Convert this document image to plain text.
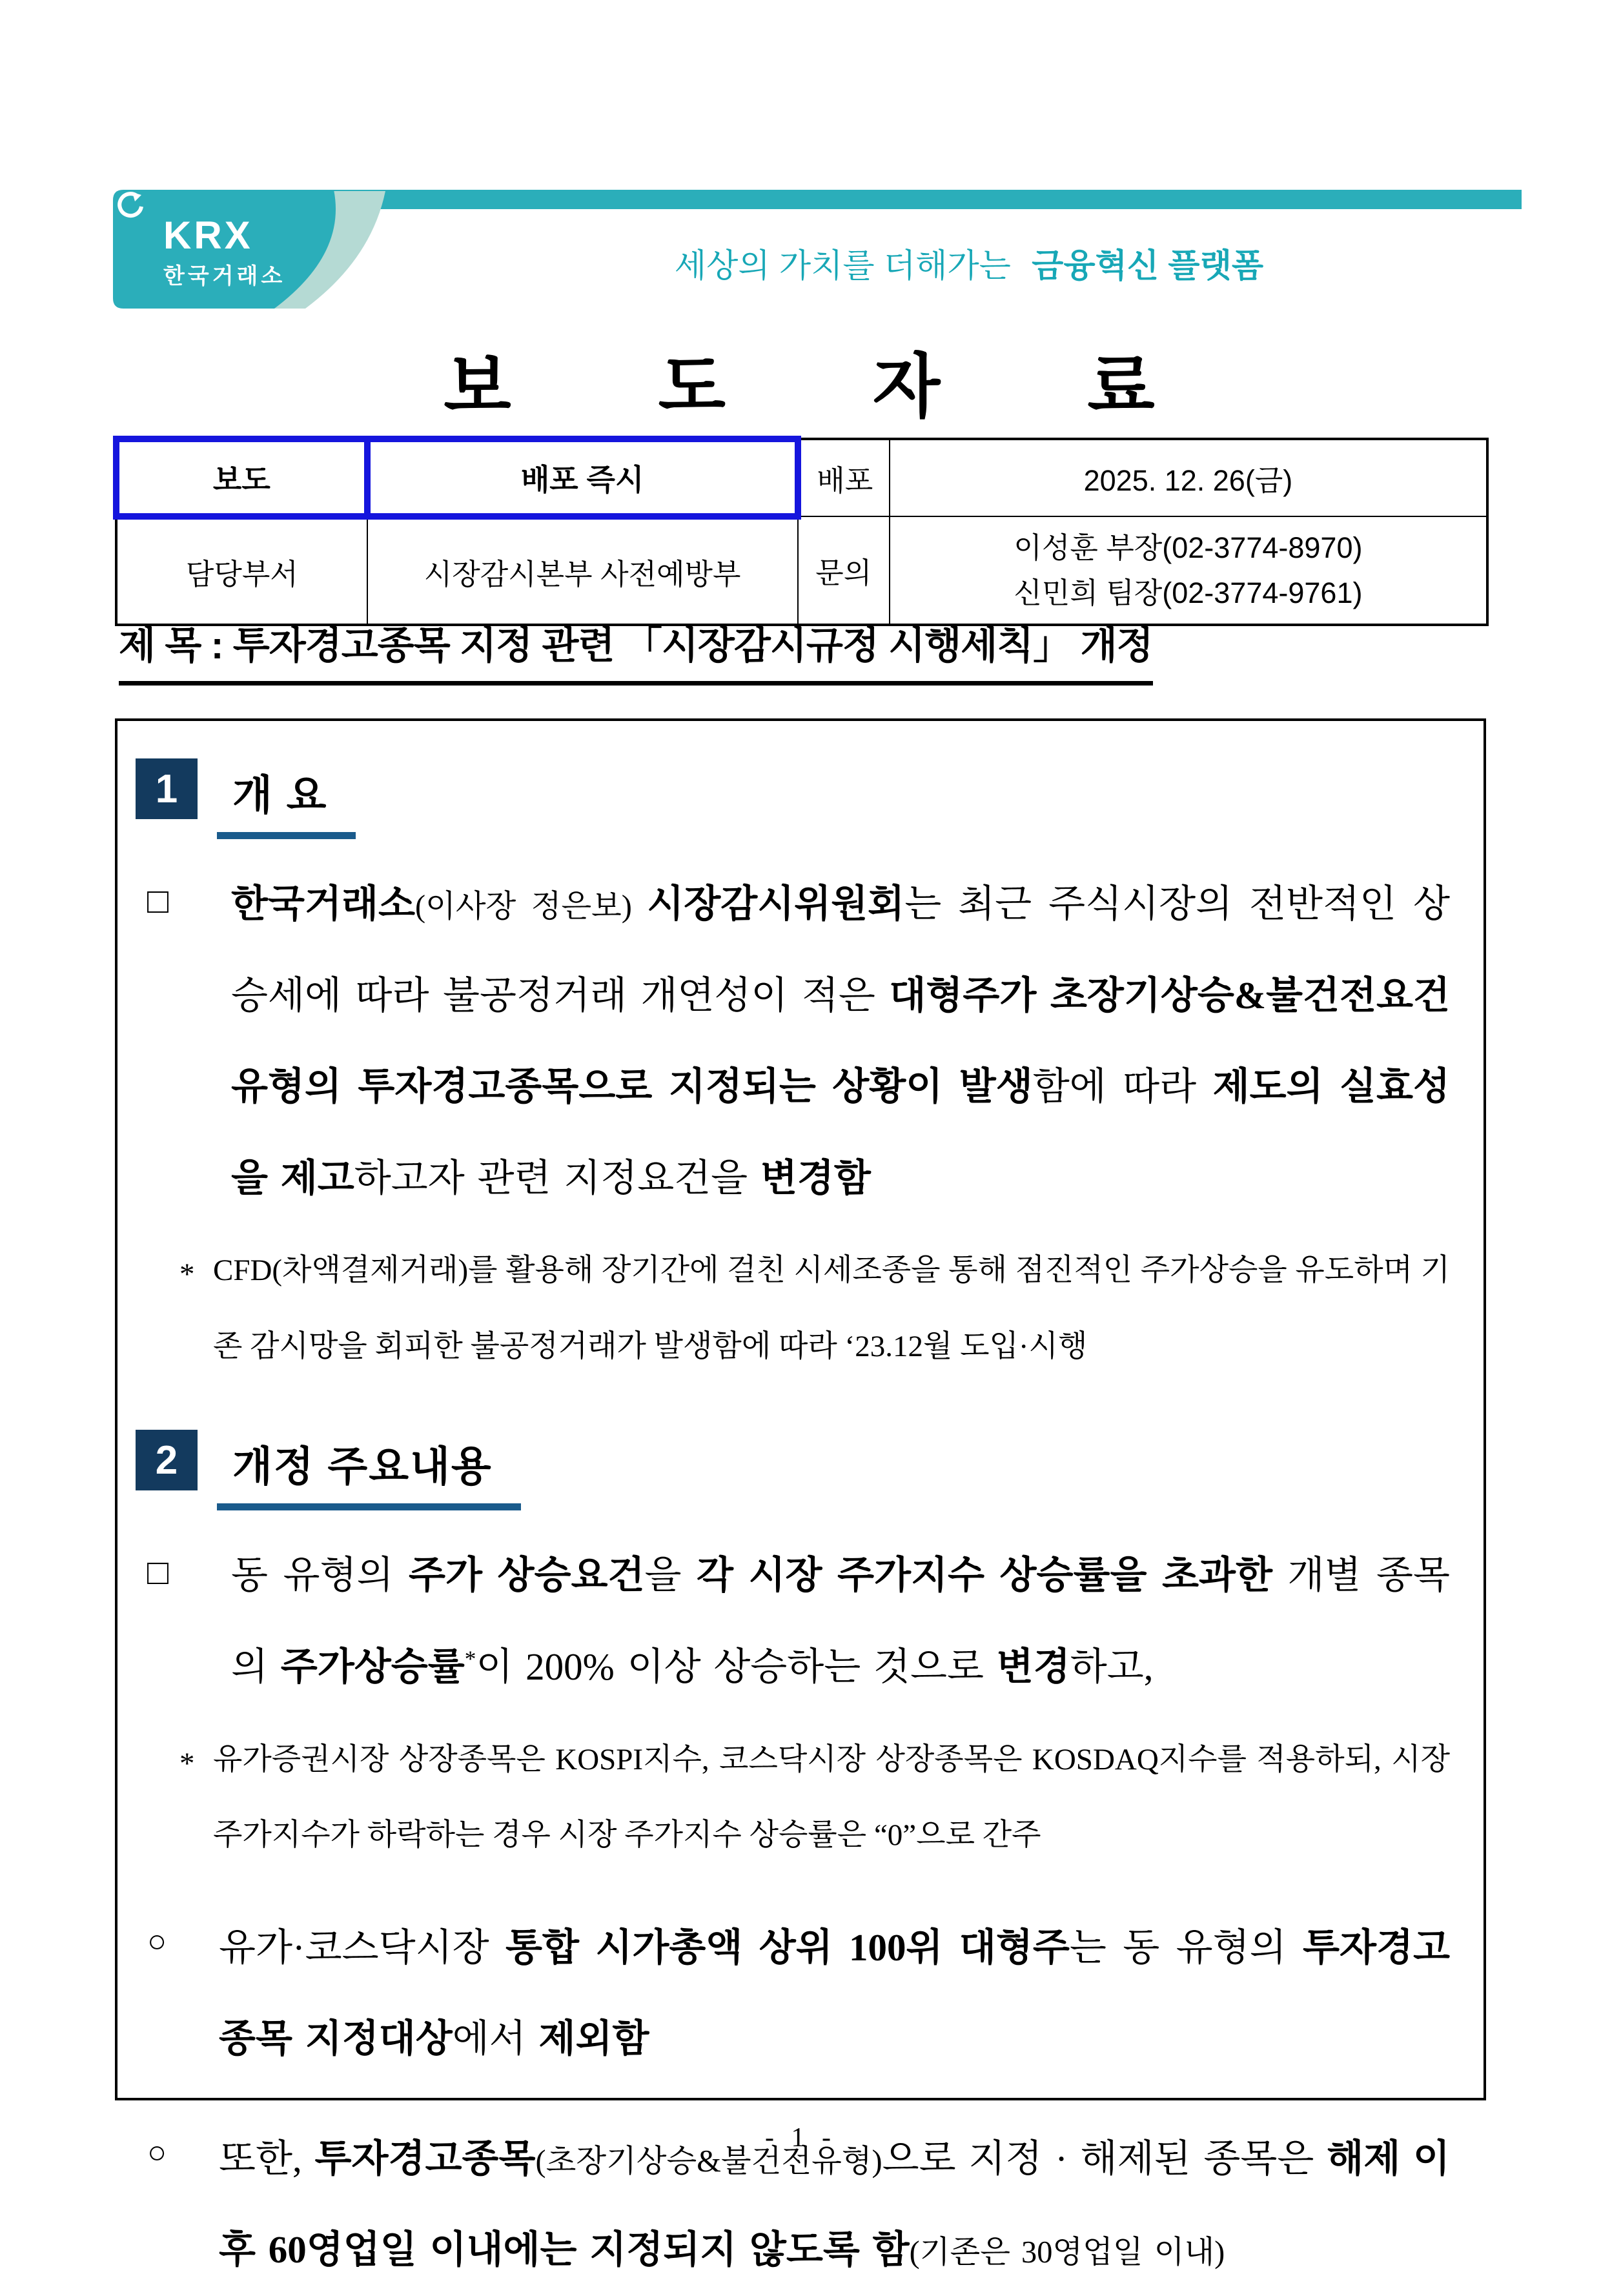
KRX
한국거래소	세상의 가치를 더해가는 금융혁신 플랫폼
보 도 자 료
보도	배포 즉시	배포	2025. 12. 26(금)
담당부서	시장감시본부 사전예방부	문의	이성훈 부장(02-3774-8970)
신민희 팀장(02-3774-9761)
제 목 : 투자경고종목 지정 관련 「시장감시규정 시행세칙」 개정
1	개 요
□	한국거래소(이사장 정은보) 시장감시위원회는 최근 주식시장의 전반적인 상승세에 따라 불공정거래 개연성이 적은 대형주가 초장기상승&불건전요건 유형의 투자경고종목으로 지정되는 상황이 발생함에 따라 제도의 실효성을 제고하고자 관련 지정요건을 변경함
* CFD(차액결제거래)를 활용해 장기간에 걸친 시세조종을 통해 점진적인 주가상승을 유도하며 기존 감시망을 회피한 불공정거래가 발생함에 따라 ‘23.12월 도입·시행
2	개정 주요내용
□	동 유형의 주가 상승요건을 각 시장 주가지수 상승률을 초과한 개별 종목의 주가상승률*이 200% 이상 상승하는 것으로 변경하고,
* 유가증권시장 상장종목은 KOSPI지수, 코스닥시장 상장종목은 KOSDAQ지수를 적용하되, 시장 주가지수가 하락하는 경우 시장 주가지수 상승률은 “0”으로 간주
○	유가·코스닥시장 통합 시가총액 상위 100위 대형주는 동 유형의 투자경고종목 지정대상에서 제외함
○	또한, 투자경고종목(초장기상승&불건전유형)으로 지정 · 해제된 종목은 해제 이후 60영업일 이내에는 지정되지 않도록 함(기존은 30영업일 이내)
- 1 -
